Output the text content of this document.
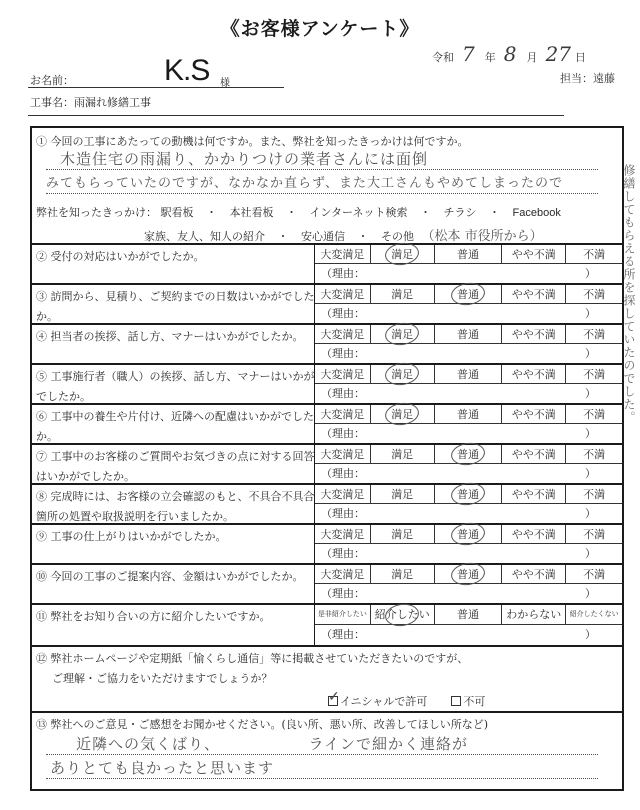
《お客様アンケート》
令和 7 年 8 月 27 日
担当：遠藤
お名前：	K.S 様
工事名：雨漏れ修繕工事
① 今回の工事にあたっての動機は何ですか。また、弊社を知ったきっかけは何ですか。
木造住宅の雨漏り、かかりつけの業者さんには面倒
みてもらっていたのですが、なかなか直らず、また大工さんもやめてしまったので
弊社を知ったきっかけ： 駅看板 ・ 本社看板 ・ インターネット検索 ・ チラシ ・ Facebook
家族、友人、知人の紹介 ・ 安心通信 ・ その他 （松本 市役所から）
② 受付の対応はいかがでしたか。	大変満足	満足	普通	やや不満	不満
（理由：	）
③ 訪問から、見積り、ご契約までの日数はいかがでしたか。
大変満足	満足	普通	やや不満	不満
（理由：	）
④ 担当者の挨拶、話し方、マナーはいかがでしたか。	大変満足	満足	普通	やや不満	不満
（理由：	）
⑤ 工事施行者（職人）の挨拶、話し方、マナーはいかがでしたか。
大変満足	満足	普通	やや不満	不満
（理由：	）
⑥ 工事中の養生や片付け、近隣への配慮はいかがでしたか。
大変満足	満足	普通	やや不満	不満
（理由：	）
⑦ 工事中のお客様のご質問やお気づきの点に対する回答はいかがでしたか。
大変満足	満足	普通	やや不満	不満
（理由：	）
⑧ 完成時には、お客様の立会確認のもと、不具合不具合箇所の処置や取扱説明を行いましたか。
大変満足	満足	普通	やや不満	不満
（理由：	）
⑨ 工事の仕上がりはいかがでしたか。	大変満足	満足	普通	やや不満	不満
（理由：	）
⑩ 今回の工事のご提案内容、金額はいかがでしたか。	大変満足	満足	普通	やや不満	不満
（理由：	）
⑪ 弊社をお知り合いの方に紹介したいですか。	是非紹介したい 紹介したい	普通	わからない	紹介したくない
（理由：	）
⑫ 弊社ホームページや定期紙「愉くらし通信」等に掲載させていただきたいのですが、
ご理解・ご協力をいただけますでしょうか？
✓
イニシャルで許可	不可
⑬ 弊社へのご意見・ご感想をお聞かせください。(良い所、悪い所、改善してほしい所など)
近隣への気くばり、　　　　　　ラインで細かく連絡が
ありとても良かったと思います
修繕してもらえる所を探していたのでした。
